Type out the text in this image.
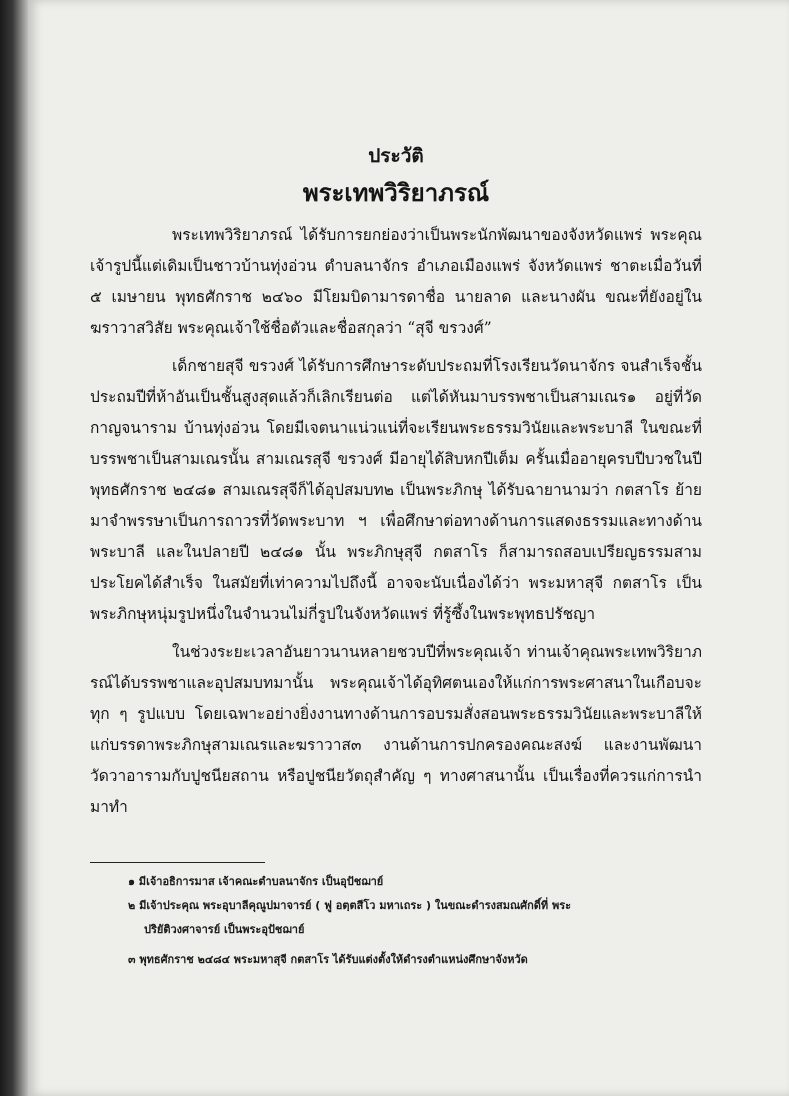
ประวัติ
พระเทพวิริยาภรณ์

พระเทพวิริยาภรณ์ ได้รับการยกย่องว่าเป็นพระนักพัฒนาของจังหวัดแพร่ พระคุณเจ้ารูปนี้แต่เดิมเป็นชาวบ้านทุ่งอ่วน ตำบลนาจักร อำเภอเมืองแพร่ จังหวัดแพร่ ชาตะเมื่อวันที่ ๕ เมษายน พุทธศักราช ๒๔๖๐ มีโยมบิดามารดาชื่อ นายลาด และนางผัน ขณะที่ยังอยู่ในฆราวาสวิสัย พระคุณเจ้าใช้ชื่อตัวและชื่อสกุลว่า “สุจี ขรวงศ์”

เด็กชายสุจี ขรวงศ์ ได้รับการศึกษาระดับประถมที่โรงเรียนวัดนาจักร จนสำเร็จชั้นประถมปีที่ห้าอันเป็นชั้นสูงสุดแล้วก็เลิกเรียนต่อ แต่ได้หันมาบรรพชาเป็นสามเณร๑ อยู่ที่วัดกาญจนาราม บ้านทุ่งอ่วน โดยมีเจตนาแน่วแน่ที่จะเรียนพระธรรมวินัยและพระบาลี ในขณะที่บรรพชาเป็นสามเณรนั้น สามเณรสุจี ขรวงศ์ มีอายุได้สิบหกปีเต็ม ครั้นเมื่ออายุครบปีบวชในปีพุทธศักราช ๒๔๘๑ สามเณรสุจีก็ได้อุปสมบท๒ เป็นพระภิกษุ ได้รับฉายานามว่า กตสาโร ย้ายมาจำพรรษาเป็นการถาวรที่วัดพระบาท ฯ เพื่อศึกษาต่อทางด้านการแสดงธรรมและทางด้านพระบาลี และในปลายปี ๒๔๘๑ นั้น พระภิกษุสุจี กตสาโร ก็สามารถสอบเปรียญธรรมสามประโยคได้สำเร็จ ในสมัยที่เท่าความไปถึงนี้ อาจจะนับเนื่องได้ว่า พระมหาสุจี กตสาโร เป็นพระภิกษุหนุ่มรูปหนึ่งในจำนวนไม่กี่รูปในจังหวัดแพร่ ที่รู้ซึ้งในพระพุทธปรัชญา

ในช่วงระยะเวลาอันยาวนานหลายชวบปีที่พระคุณเจ้า ท่านเจ้าคุณพระเทพวิริยาภรณ์ได้บรรพชาและอุปสมบทมานั้น พระคุณเจ้าได้อุทิศตนเองให้แก่การพระศาสนาในเกือบจะทุก ๆ รูปแบบ โดยเฉพาะอย่างยิ่งงานทางด้านการอบรมสั่งสอนพระธรรมวินัยและพระบาลีให้แก่บรรดาพระภิกษุสามเณรและฆราวาส๓ งานด้านการปกครองคณะสงฆ์ และงานพัฒนาวัดวาอารามกับปูชนียสถาน หรือปูชนียวัตถุสำคัญ ๆ ทางศาสนานั้น เป็นเรื่องที่ควรแก่การนำมาทำ

๑ มีเจ้าอธิการมาส เจ้าคณะตำบลนาจักร เป็นอุปัชฌาย์

๒ มีเจ้าประคุณ พระอุบาลีคุณูปมาจารย์ ( ฟู อตฺตสีโว มหาเถระ ) ในขณะดำรงสมณศักดิ์ที่ พระ

ปริยัติวงศาจารย์ เป็นพระอุปัชฌาย์

๓ พุทธศักราช ๒๔๘๔ พระมหาสุจี กตสาโร ได้รับแต่งตั้งให้ดำรงตำแหน่งศึกษาจังหวัด
